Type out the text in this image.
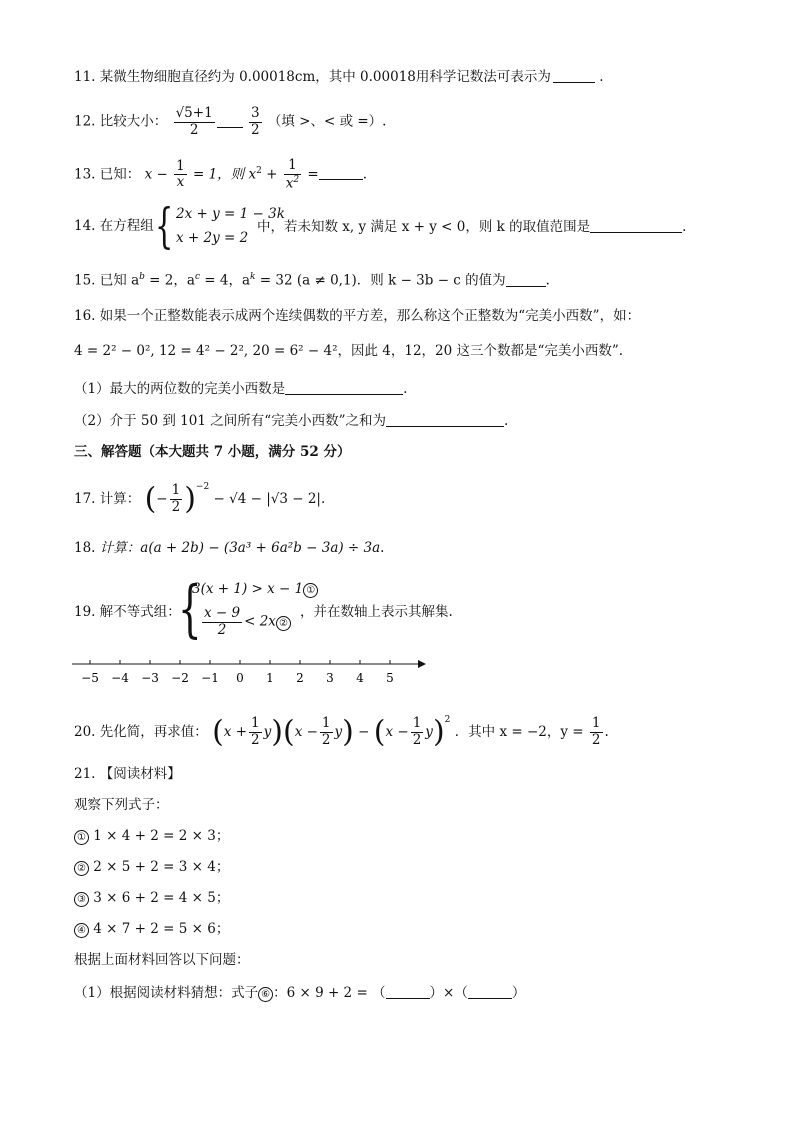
11. 某微生物细胞直径约为 0.00018cm，其中 0.00018用科学记数法可表示为	.
12. 比较大小： $\frac{√5+1}{2}$
	$\frac{3}{2}$ （填 >、< 或 =）.
13. 已知： $x - \frac{1}{x} = 1$，则 $x^2 + \frac{1}{x^2}$ =	.
14. 在方程组 { 2x + y = 1 − 3k
x + 2y = 2
中，若未知数 x, y 满足 x + y < 0，则 k 的取值范围是	.
15. 已知 $a^b = 2$，$a^c = 4$，$a^k = 32$ (a ≠ 0,1)．则 k − 3b − c 的值为	.
16. 如果一个正整数能表示成两个连续偶数的平方差，那么称这个正整数为“完美小西数”，如：
4 = 2² − 0², 12 = 4² − 2², 20 = 6² − 4²，因此 4，12，20 这三个数都是“完美小西数”.
（1）最大的两位数的完美小西数是	.
（2）介于 50 到 101 之间所有“完美小西数”之和为	.
三、解答题（本大题共 7 小题，满分 52 分）
17. 计算： (− $\frac{1}{2} )^{-2} - √4 - |√3 - 2|$.
18. 计算：a(a + 2b) − (3a³ + 6a²b − 3a) ÷ 3a.
19. 解不等式组：
{
3(x + 1) > x − 1 ①
$\frac{x - 9}{2} < 2x$ ②
，并在数轴上表示其解集.
−5 −4 −3 −2 −1 0 1 2 3 4 5
20. 先化简，再求值： $(x + \frac{1}{2} y)(x - \frac{1}{2} y) - (x - \frac{1}{2} y)^2$ ．其中 x = −2，$y = \frac{1}{2}$ .
21. 【阅读材料】
观察下列式子：
① 1 × 4 + 2 = 2 × 3；
② 2 × 5 + 2 = 3 × 4；
③ 3 × 6 + 2 = 4 × 5；
④ 4 × 7 + 2 = 5 × 6；
根据上面材料回答以下问题：
（1）根据阅读材料猜想：式子 ⑥ ：6 × 9 + 2 = （	）×（	）
